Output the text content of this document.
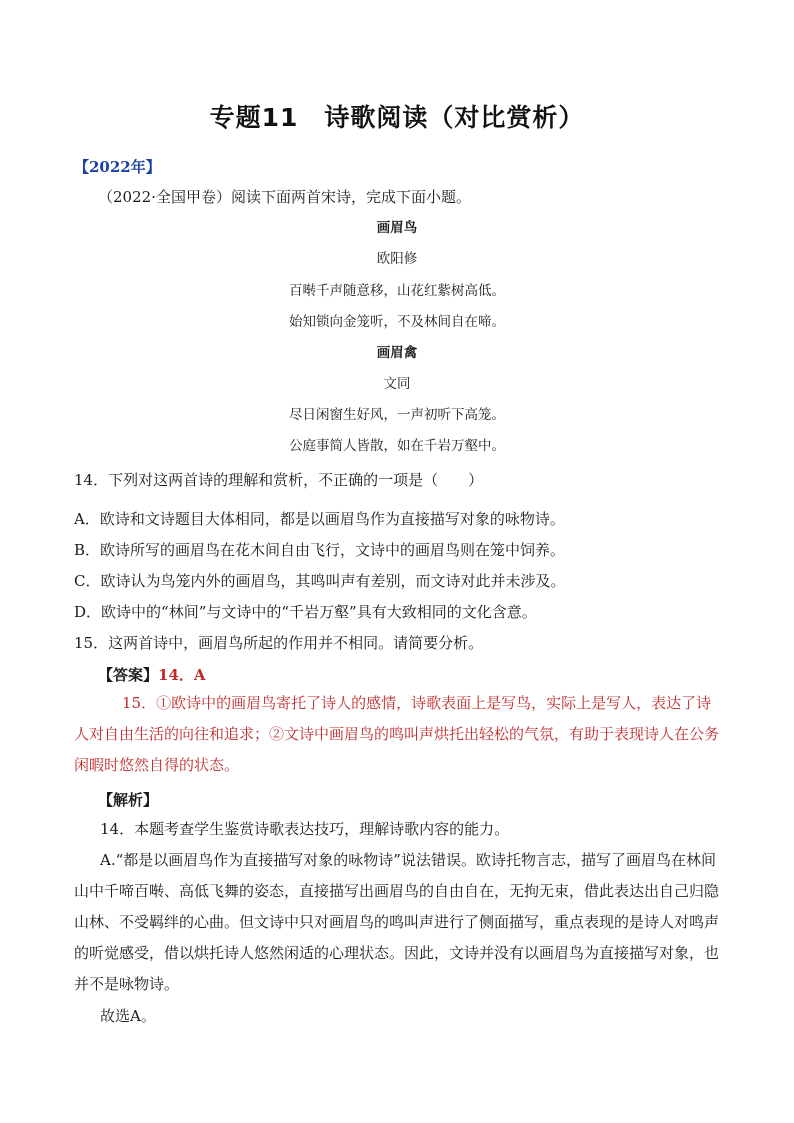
专题11　诗歌阅读（对比赏析）
【2022年】
（2022·全国甲卷）阅读下面两首宋诗，完成下面小题。
画眉鸟
欧阳修
百啭千声随意移，山花红紫树高低。
始知锁向金笼听，不及林间自在啼。
画眉禽
文同
尽日闲窗生好风，一声初听下高笼。
公庭事简人皆散，如在千岩万壑中。
14．下列对这两首诗的理解和赏析，不正确的一项是（　　）
A．欧诗和文诗题目大体相同，都是以画眉鸟作为直接描写对象的咏物诗。
B．欧诗所写的画眉鸟在花木间自由飞行，文诗中的画眉鸟则在笼中饲养。
C．欧诗认为鸟笼内外的画眉鸟，其鸣叫声有差别，而文诗对此并未涉及。
D．欧诗中的“林间”与文诗中的“千岩万壑”具有大致相同的文化含意。
15．这两首诗中，画眉鸟所起的作用并不相同。请简要分析。
【答案】14．A
15．①欧诗中的画眉鸟寄托了诗人的感情，诗歌表面上是写鸟，实际上是写人，表达了诗人对自由生活的向往和追求；②文诗中画眉鸟的鸣叫声烘托出轻松的气氛，有助于表现诗人在公务闲暇时悠然自得的状态。
【解析】
14．本题考查学生鉴赏诗歌表达技巧，理解诗歌内容的能力。
A.“都是以画眉鸟作为直接描写对象的咏物诗”说法错误。欧诗托物言志，描写了画眉鸟在林间山中千啼百啭、高低飞舞的姿态，直接描写出画眉鸟的自由自在，无拘无束，借此表达出自己归隐山林、不受羁绊的心曲。但文诗中只对画眉鸟的鸣叫声进行了侧面描写，重点表现的是诗人对鸣声的听觉感受，借以烘托诗人悠然闲适的心理状态。因此，文诗并没有以画眉鸟为直接描写对象，也并不是咏物诗。
故选A。
